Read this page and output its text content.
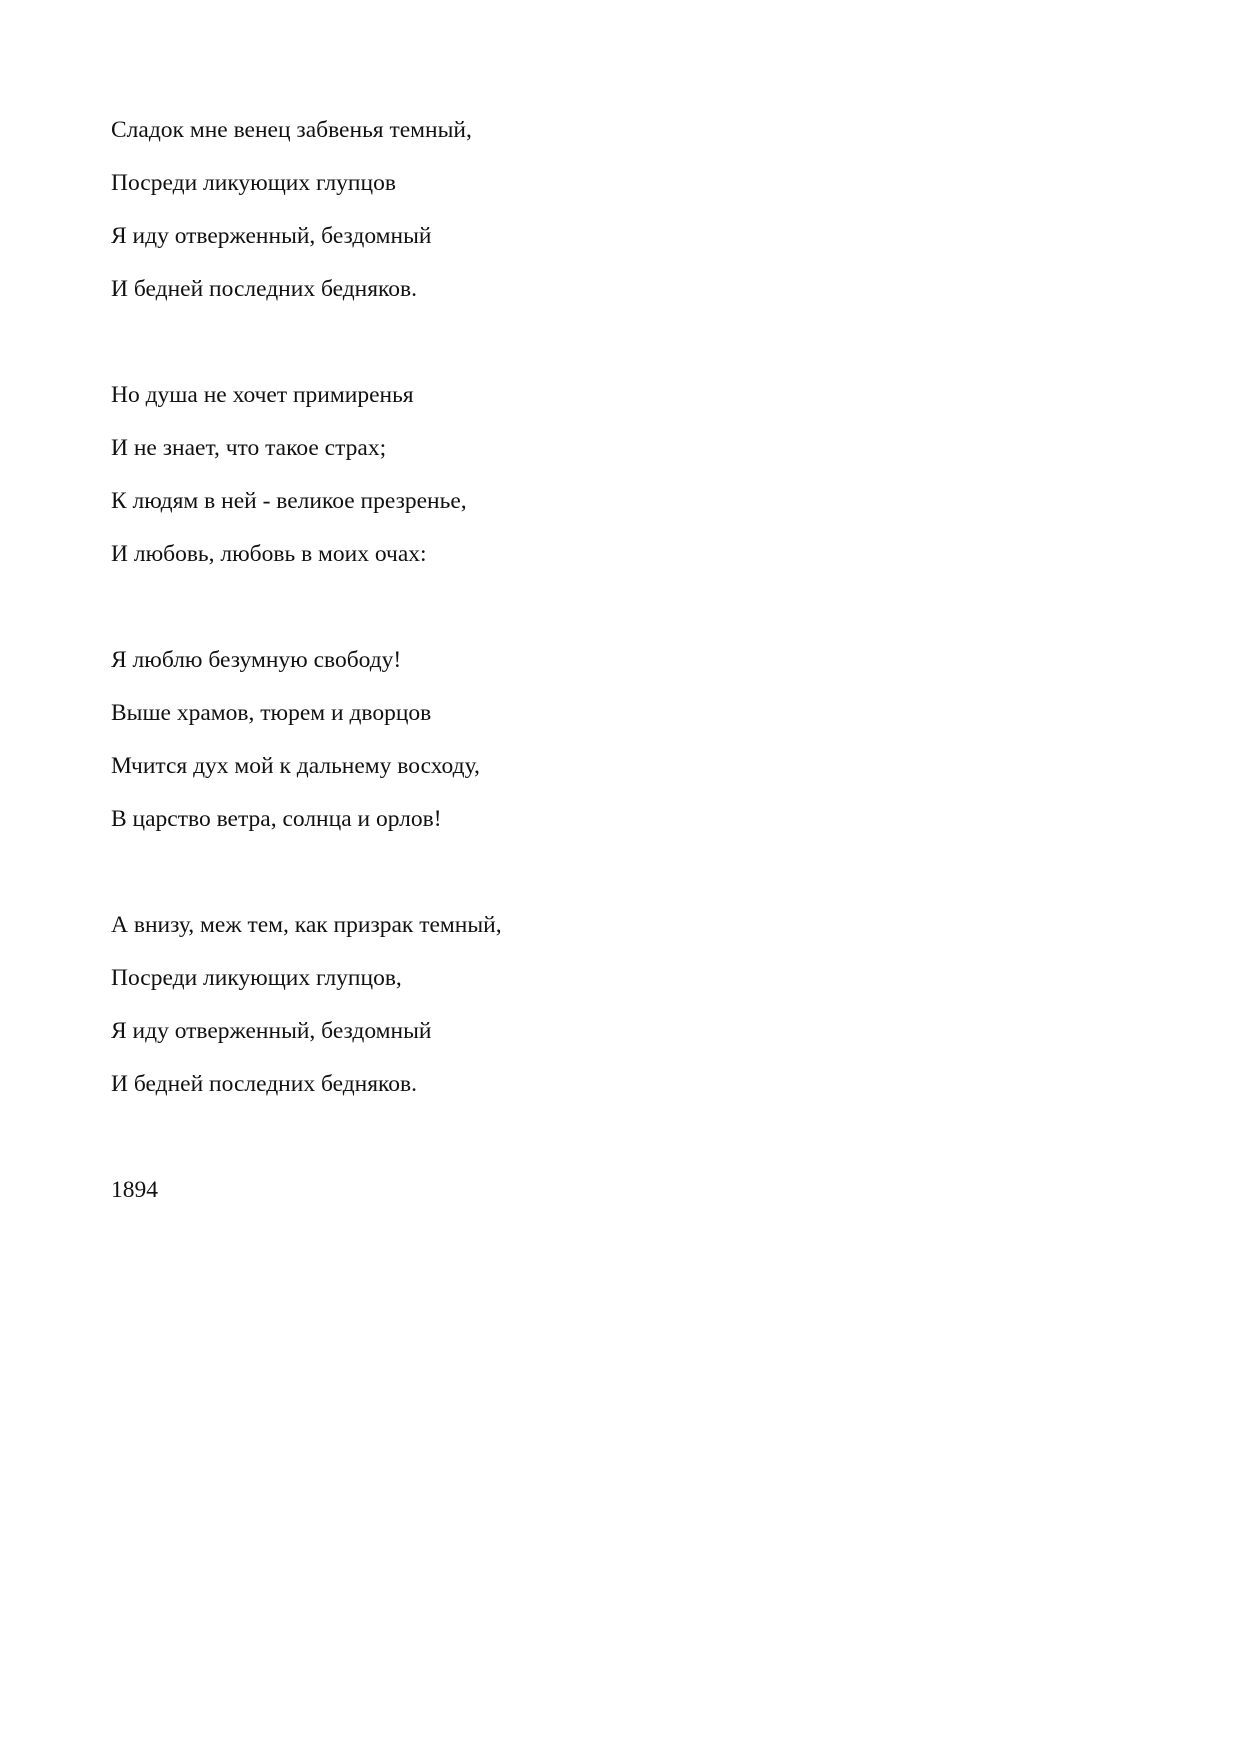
Сладок мне венец забвенья темный,
Посреди ликующих глупцов
Я иду отверженный, бездомный
И бедней последних бедняков.
Но душа не хочет примиренья
И не знает, что такое страх;
К людям в ней - великое презренье,
И любовь, любовь в моих очах:
Я люблю безумную свободу!
Выше храмов, тюрем и дворцов
Мчится дух мой к дальнему восходу,
В царство ветра, солнца и орлов!
А внизу, меж тем, как призрак темный,
Посреди ликующих глупцов,
Я иду отверженный, бездомный
И бедней последних бедняков.
1894
